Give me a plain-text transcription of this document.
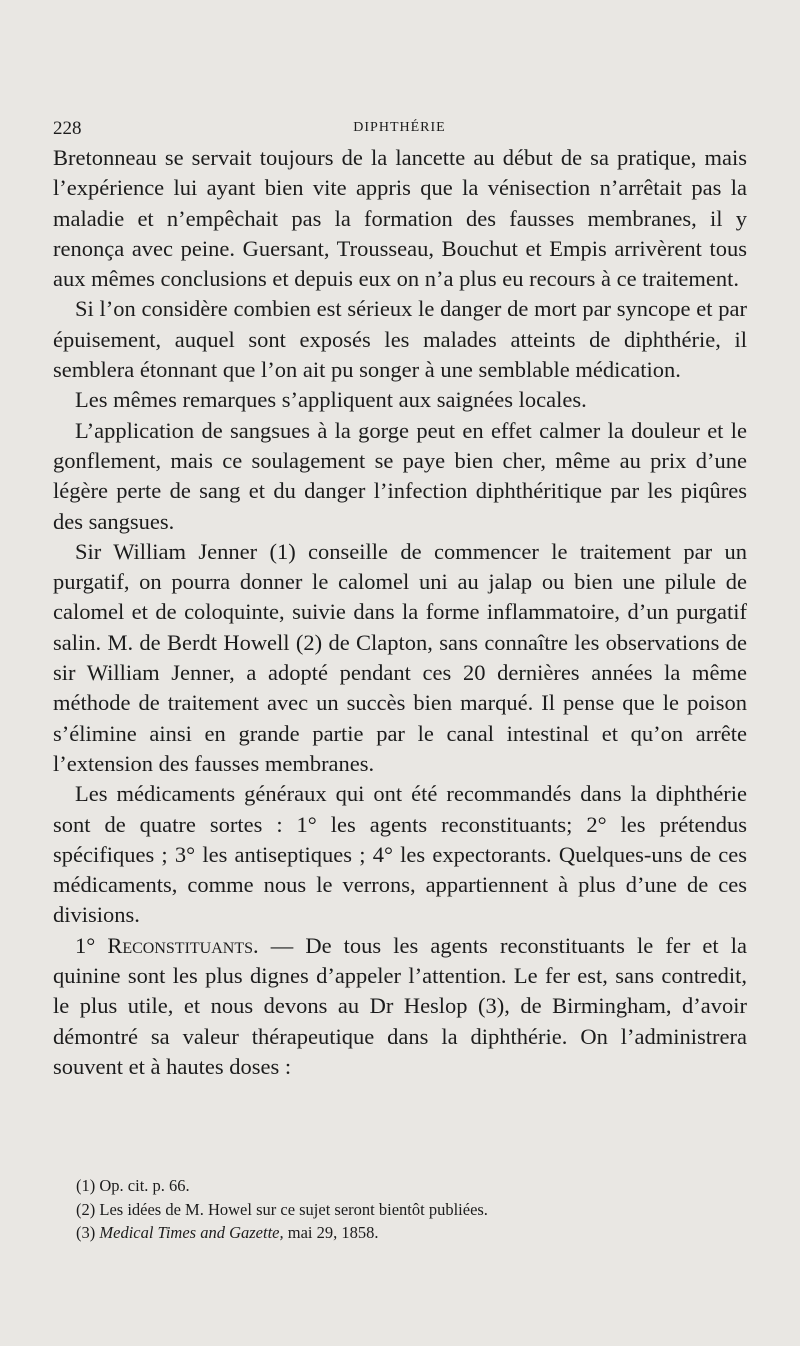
228	DIPHTHÉRIE

Bretonneau se servait toujours de la lancette au début de sa pratique, mais l’expérience lui ayant bien vite appris que la vénisection n’arrêtait pas la maladie et n’empêchait pas la formation des fausses membranes, il y renonça avec peine. Guersant, Trousseau, Bouchut et Empis arrivèrent tous aux mêmes conclusions et depuis eux on n’a plus eu recours à ce traitement.

Si l’on considère combien est sérieux le danger de mort par syncope et par épuisement, auquel sont exposés les malades atteints de diphthérie, il semblera étonnant que l’on ait pu songer à une semblable médication.

Les mêmes remarques s’appliquent aux saignées locales.

L’application de sangsues à la gorge peut en effet calmer la douleur et le gonflement, mais ce soulagement se paye bien cher, même au prix d’une légère perte de sang et du danger l’infection diphthéritique par les piqûres des sangsues.

Sir William Jenner (1) conseille de commencer le traitement par un purgatif, on pourra donner le calomel uni au jalap ou bien une pilule de calomel et de coloquinte, suivie dans la forme inflammatoire, d’un purgatif salin. M. de Berdt Howell (2) de Clapton, sans connaître les observations de sir William Jenner, a adopté pendant ces 20 dernières années la même méthode de traitement avec un succès bien marqué. Il pense que le poison s’élimine ainsi en grande partie par le canal intestinal et qu’on arrête l’extension des fausses membranes.

Les médicaments généraux qui ont été recommandés dans la diphthérie sont de quatre sortes : 1° les agents reconstituants; 2° les prétendus spécifiques ; 3° les antiseptiques ; 4° les expectorants. Quelques-uns de ces médicaments, comme nous le verrons, appartiennent à plus d’une de ces divisions.

1° Reconstituants. — De tous les agents reconstituants le fer et la quinine sont les plus dignes d’appeler l’attention. Le fer est, sans contredit, le plus utile, et nous devons au Dr Heslop (3), de Birmingham, d’avoir démontré sa valeur thérapeutique dans la diphthérie. On l’administrera souvent et à hautes doses :

(1) Op. cit. p. 66.

(2) Les idées de M. Howel sur ce sujet seront bientôt publiées.

(3) Medical Times and Gazette, mai 29, 1858.
